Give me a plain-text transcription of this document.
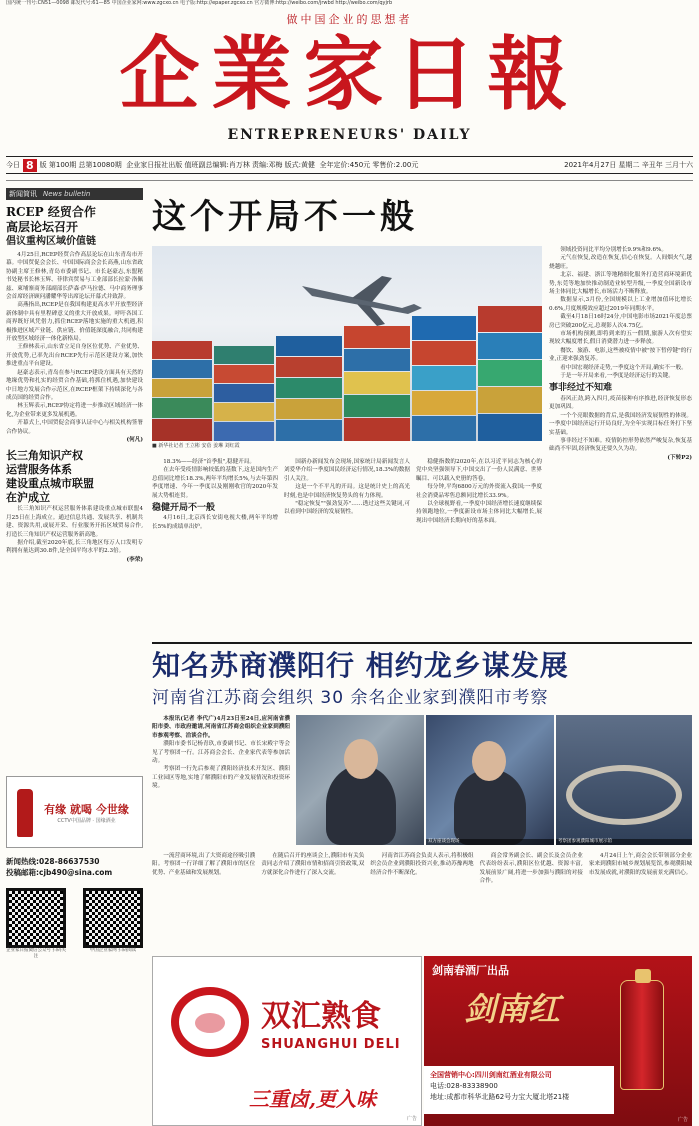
国内统一刊号:CN51—0098 邮发代号:61—85 中国企业家网:www.zgcxo.cn 电子版:http://epaper.zgcxo.cn 官方微博:http://weibo.com/jrwbd http://weibo.com/qyjrb
做中国企业的思想者
企業家日報
ENTREPRENEURS' DAILY
今日 8 版
第100期
总第10080期
企业家日报社出版
值班副总编辑:肖万林 责编:邓梅 版式:黄健
全年定价:450元 零售价:2.00元	2021年4月27日 星期二 辛丑年 三月十六
新闻简讯 News bulletin
RCEP 经贸合作
高层论坛召开
倡议重构区域价值链

4月25日,RCEP经贸合作高层论坛在山东青岛市开幕。中国贸促会会长、中国国际商会会长高燕,山东省政协副主席王修林,青岛市委副书记、市长赵豪志,东盟秘书处秘书长林玉辉、菲律宾贸易与工业部部长拉蒙·洛佩兹、柬埔寨商务部副部长萨森·萨马拉德、马中商务理事会首席经济顾问潘耀华等出席论坛开幕式并致辞。

高燕指出,RCEP是在我国构建更高水平开放型经济新体制中具有里程碑意义的重大开放成果。呼吁各国工商界既好风凭借力,抓住RCEP落地实施的重大机遇,积极推进区域产业链、供应链、价值链深度融合,共同构建开放型区域经济一体化新格局。

王修林表示,山东省立足自身区位优势、产业优势、开放优势,已率先出台RCEP先行示范区建设方案,加快推进重点平台建设。

赵豪志表示,青岛在参与RCEP建设方面具有天然的地缘优势和扎实的经贸合作基础,将抓住机遇,加快建设中日地方发展合作示范区,在RCEP框架下持续深化与各成员国的经贸合作。

林玉辉表示,RCEP协定将进一步推动区域经济一体化,为企业带来更多发展机遇。

开幕式上,中国贸促会商事认证中心与相关机构签署合作协议。

(何凡)
长三角知识产权
运营服务体系
建设重点城市联盟
在沪成立

长三角知识产权运营服务体系建设重点城市联盟4月25日在上海成立。通过信息共通、发展共享、机制共建、资源共用,或展开采、行业服务开拓区域贸易合作,打造长三角知识产权运营服务新高地。

据介绍,截至2020年底,长三角地区每万人口发明专利拥有量达到30.8件,是全国平均水平的2.3倍。

(李荣)
有缘 就喝 今世缘
CCTV中国品牌 · 国缘酒业
新闻热线:028-86637530
投稿邮箱:cjb490@sina.com
企业家日报微信公众号 扫码关注
中国企业家网 扫码阅读
这个开局不一般
■ 新华社记者 王立彬 安蓓 姜琳 刘红霞

领域投资同比平均分别增长9.9%和9.6%。

元气在恢复,改造在恢复,信心在恢复。人间烟火气,越烧越旺。

北京、福建、浙江等地精细化服务打造营商环境新优势,东莞等地加快推动制造业转型升级,一季度全国新设市场主体同比大幅增长,市场活力不断释放。

数据显示,3月份,全国规模以上工业增加值环比增长0.6%,月度规模效应超过2019年同期水平。

截至4月18日16时24分,中国电影市场2021年度总票房已突破200亿元,总观影人次4.75亿。

市场机构预测,即将到来的五一假期,旅游人次有望实现较大幅度增长,假日消费潜力进一步释放。

餐饮、旅游、电影,这些被疫情中被"按下暂停键"的行业,正迎来强劲复苏。

看中国宏观经济走势,一季度这个开局,确实不一般。

于是一年开局来看,一季度是经济运行的关键。

事非经过不知难

春风正劲,跨入四月,疫苗接种有序推进,经济恢复形态更加巩固。

一个个亮眼数据的背后,是我国经济发展韧性的体现。一季度中国经济运行开局良好,为全年实现目标任务打下坚实基础。

事非经过不知难。疫情防控形势依然严峻复杂,恢复基础尚不牢固,经济恢复还要久久为功。

(下转P2)

18.3%——经济"首季报",稳健开局。

在去年受疫情影响较低的基数下,这是国内生产总值同比增长18.3%,两年平均增长5%,与去年第四季度增速、今年一季度以及刚刚收官的2020年发展大势相连贯。

稳健开局不一般

4月16日,北京西长安街电视大楼,两年平均增长5%的成绩单出炉。

国新办新闻发布会现场,国家统计局新闻发言人刘爱华介绍一季度国民经济运行情况,18.3%的数据引人关注。

这是一个不平凡的开局。这是统计史上的高光时刻,也是中国经济恢复势头的有力体现。

"稳定恢复""强劲复苏"……透过这些关键词,可以看到中国经济的发展韧性。

稳健指数的2020年,在以习近平同志为核心的党中央坚强领导下,中国交出了一份人民满意、世界瞩目、可以载入史册的答卷。

每分钟,平均6800万元的外资流入我国;一季度社会消费品零售总额同比增长33.9%。

以全球视野看,一季度中国经济增长速度继续保持领跑地位,一季度新设市场主体同比大幅增长,展现出中国经济长期向好的基本面。

知名苏商濮阳行 相约龙乡谋发展
河南省江苏商会组织 30 余名企业家到濮阳市考察

本报讯(记者 李代广)4月23日至24日,应河南省濮阳市委、市政府邀请,河南省江苏商会组织企业家到濮阳市参观考察、洽谈合作。

濮阳市委书记杨青玖,市委副书记、市长宋殿宇等会见了考察团一行。江苏商会会长、企业家代表等参加活动。

考察团一行先后参观了濮阳经济技术开发区、濮阳工业园区等地,实地了解濮阳市的产业发展情况和投资环境。

双方座谈会现场	考察团参观濮阳城市展示馆

一流营商环境,出了大资商途径吸引濮阳。考察团一行详细了解了濮阳市的区位优势、产业基础和发展规划。

在随后召开的座谈会上,濮阳市有关负责同志介绍了濮阳市情和招商引资政策,双方就深化合作进行了深入交流。

河南省江苏商会负责人表示,将积极组织会员企业到濮阳投资兴业,推动苏豫两地经济合作不断深化。

商会常务副会长、副会长及会员企业代表纷纷表示,濮阳区位优越、资源丰富,发展前景广阔,将进一步加强与濮阳的对接合作。

4月24日上午,商会会长带领部分企业家来到濮阳市城乡规划展览馆,参观濮阳城市发展成就,对濮阳的发展前景充满信心。

双汇熟食
SHUANGHUI DELI
三重卤,更入味
广告
剑南春酒厂出品
剑南红
全国营销中心:四川剑南红酒业有限公司
电话:028-83338900
地址:成都市科华北路62号力宝大厦北塔21楼
广告
